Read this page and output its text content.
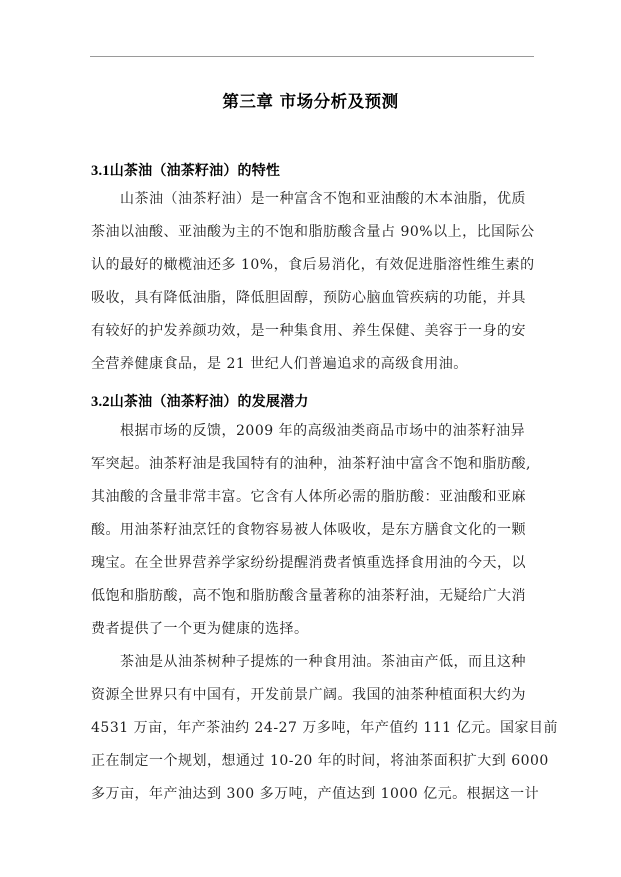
第三章 市场分析及预测
3.1山茶油（油茶籽油）的特性
山茶油（油茶籽油）是一种富含不饱和亚油酸的木本油脂，优质
茶油以油酸、亚油酸为主的不饱和脂肪酸含量占 90%以上，比国际公
认的最好的橄榄油还多 10%，食后易消化，有效促进脂溶性维生素的
吸收，具有降低油脂，降低胆固醇，预防心脑血管疾病的功能，并具
有较好的护发养颜功效，是一种集食用、养生保健、美容于一身的安
全营养健康食品，是 21 世纪人们普遍追求的高级食用油。
3.2山茶油（油茶籽油）的发展潜力
根据市场的反馈，2009 年的高级油类商品市场中的油茶籽油异
军突起。油茶籽油是我国特有的油种，油茶籽油中富含不饱和脂肪酸,
其油酸的含量非常丰富。它含有人体所必需的脂肪酸：亚油酸和亚麻
酸。用油茶籽油烹饪的食物容易被人体吸收，是东方膳食文化的一颗
瑰宝。在全世界营养学家纷纷提醒消费者慎重选择食用油的今天，以
低饱和脂肪酸，高不饱和脂肪酸含量著称的油茶籽油，无疑给广大消
费者提供了一个更为健康的选择。
茶油是从油茶树种子提炼的一种食用油。茶油亩产低，而且这种
资源全世界只有中国有，开发前景广阔。我国的油茶种植面积大约为
4531 万亩，年产茶油约 24-27 万多吨，年产值约 111 亿元。国家目前
正在制定一个规划，想通过 10-20 年的时间，将油茶面积扩大到 6000
多万亩，年产油达到 300 多万吨，产值达到 1000 亿元。根据这一计
